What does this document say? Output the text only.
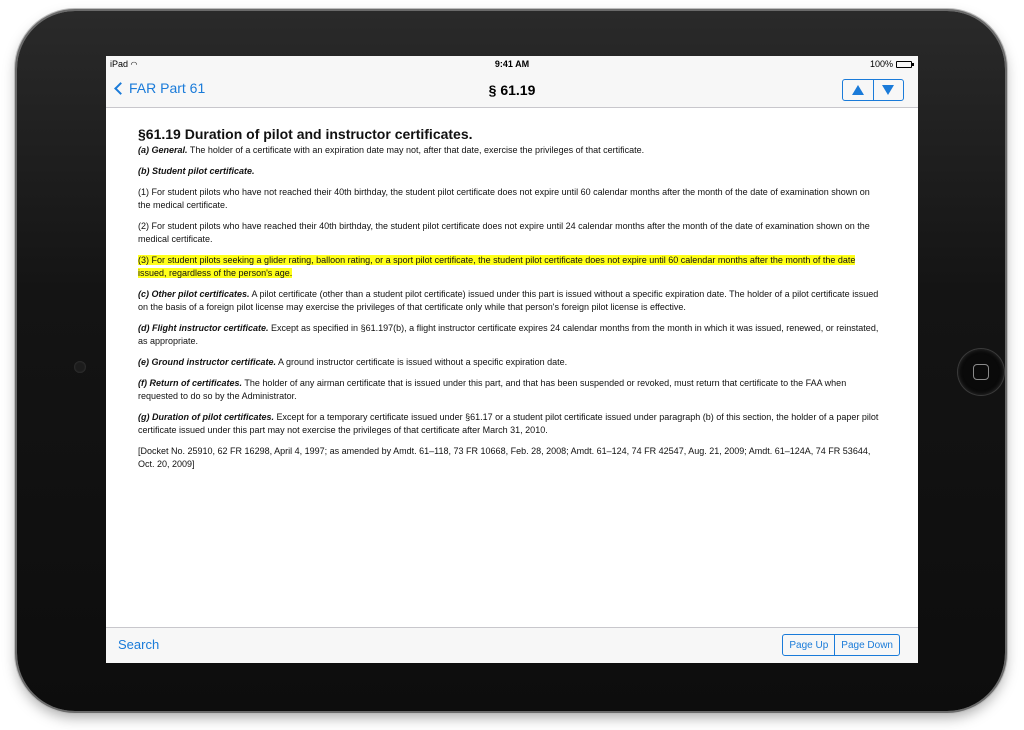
iPad ◠	9:41 AM	100%
FAR Part 61	§ 61.19
§61.19 Duration of pilot and instructor certificates.

(a) General. The holder of a certificate with an expiration date may not, after that date, exercise the privileges of that certificate.

(b) Student pilot certificate.

(1) For student pilots who have not reached their 40th birthday, the student pilot certificate does not expire until 60 calendar months after the month of the date of examination shown on the medical certificate.

(2) For student pilots who have reached their 40th birthday, the student pilot certificate does not expire until 24 calendar months after the month of the date of examination shown on the medical certificate.

(3) For student pilots seeking a glider rating, balloon rating, or a sport pilot certificate, the student pilot certificate does not expire until 60 calendar months after the month of the date issued, regardless of the person's age.

(c) Other pilot certificates. A pilot certificate (other than a student pilot certificate) issued under this part is issued without a specific expiration date. The holder of a pilot certificate issued on the basis of a foreign pilot license may exercise the privileges of that certificate only while that person's foreign pilot license is effective.

(d) Flight instructor certificate. Except as specified in §61.197(b), a flight instructor certificate expires 24 calendar months from the month in which it was issued, renewed, or reinstated, as appropriate.

(e) Ground instructor certificate. A ground instructor certificate is issued without a specific expiration date.

(f) Return of certificates. The holder of any airman certificate that is issued under this part, and that has been suspended or revoked, must return that certificate to the FAA when requested to do so by the Administrator.

(g) Duration of pilot certificates. Except for a temporary certificate issued under §61.17 or a student pilot certificate issued under paragraph (b) of this section, the holder of a paper pilot certificate issued under this part may not exercise the privileges of that certificate after March 31, 2010.

[Docket No. 25910, 62 FR 16298, April 4, 1997; as amended by Amdt. 61–118, 73 FR 10668, Feb. 28, 2008; Amdt. 61–124, 74 FR 42547, Aug. 21, 2009; Amdt. 61–124A, 74 FR 53644, Oct. 20, 2009]

Search	Page Up	Page Down
